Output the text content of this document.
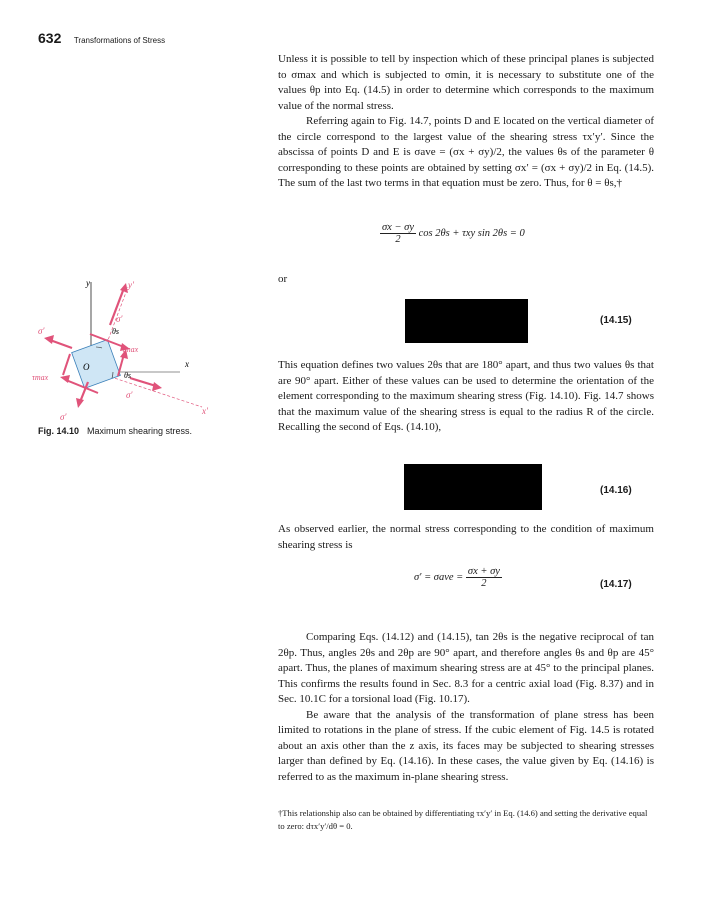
632 Transformations of Stress

Unless it is possible to tell by inspection which of these principal planes is subjected to σmax and which is subjected to σmin, it is necessary to substitute one of the values θp into Eq. (14.5) in order to determine which corresponds to the maximum value of the normal stress.

Referring again to Fig. 14.7, points D and E located on the vertical diameter of the circle correspond to the largest value of the shearing stress τx′y′. Since the abscissa of points D and E is σave = (σx + σy)/2, the values θs of the parameter θ corresponding to these points are obtained by setting σx′ = (σx + σy)/2 in Eq. (14.5). The sum of the last two terms in that equation must be zero. Thus, for θ = θs,†

$\frac{\sigma x - \sigma y}{2}$ cos 2θs + τxy sin 2θs = 0

or

(14.15)

This equation defines two values 2θs that are 180° apart, and thus two values θs that are 90° apart. Either of these values can be used to determine the orientation of the element corresponding to the maximum shearing stress (Fig. 14.10). Fig. 14.7 shows that the maximum value of the shearing stress is equal to the radius R of the circle. Recalling the second of Eqs. (14.10),

(14.16)

As observed earlier, the normal stress corresponding to the condition of maximum shearing stress is

$\sigma' = \sigma ave = \frac{\sigma x + \sigma y}{2}$	(14.17)

Comparing Eqs. (14.12) and (14.15), tan 2θs is the negative reciprocal of tan 2θp. Thus, angles 2θs and 2θp are 90° apart, and therefore angles θs and θp are 45° apart. Thus, the planes of maximum shearing stress are at 45° to the principal planes. This confirms the results found in Sec. 8.3 for a centric axial load (Fig. 8.37) and in Sec. 10.1C for a torsional load (Fig. 10.17).

Be aware that the analysis of the transformation of plane stress has been limited to rotations in the plane of stress. If the cubic element of Fig. 14.5 is rotated about an axis other than the z axis, its faces may be subjected to shearing stresses larger than defined by Eq. (14.16). In these cases, the value given by Eq. (14.16) is referred to as the maximum in-plane shearing stress.

y	y′
x
x′
O
σ′
σ′
σ′
σ′
τmax
τmax
θs
θs
Fig. 14.10 Maximum shearing stress.
†This relationship also can be obtained by differentiating τx′y′ in Eq. (14.6) and setting the derivative equal to zero: dτx′y′/dθ = 0.
